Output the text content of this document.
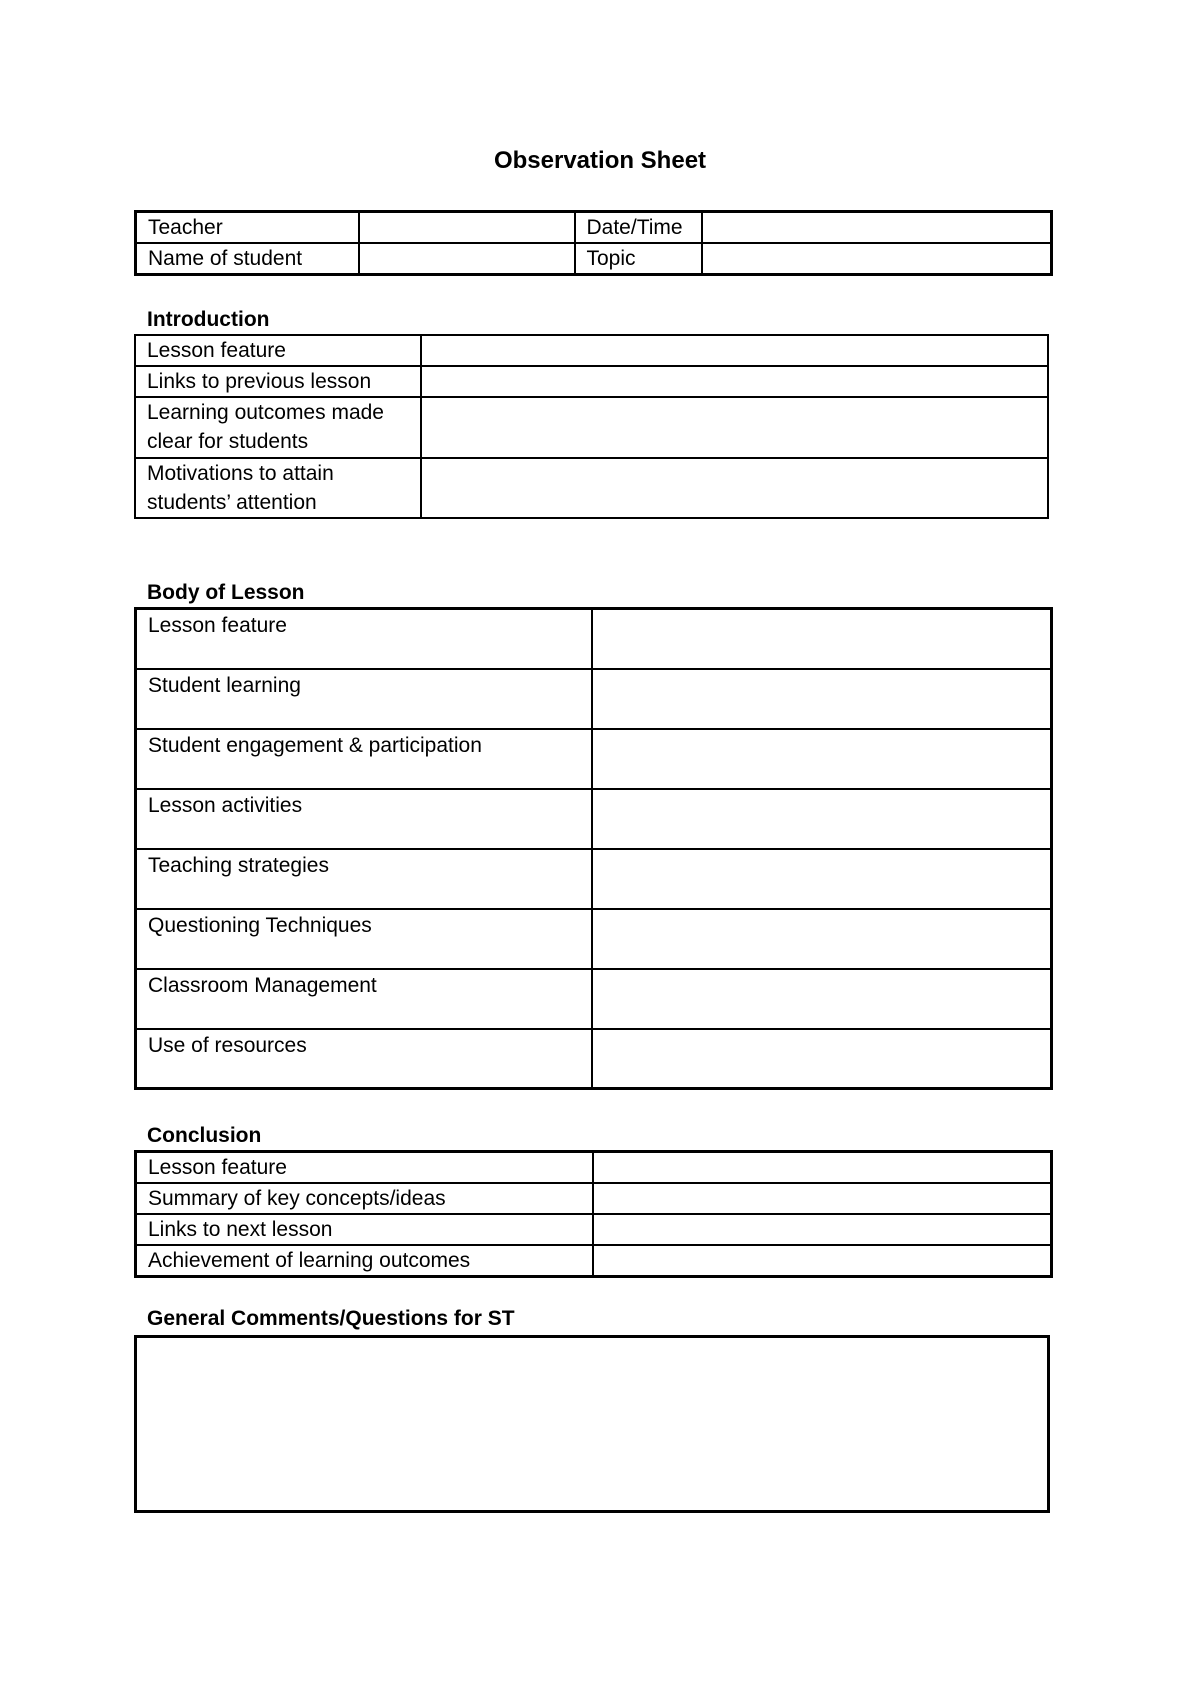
Observation Sheet
Teacher		Date/Time	
Name of student		Topic	
Introduction
Lesson feature	
Links to previous lesson	
Learning outcomes made clear for students	
Motivations to attain students’ attention	
Body of Lesson
Lesson feature	
Student learning	
Student engagement & participation	
Lesson activities	
Teaching strategies	
Questioning Techniques	
Classroom Management	
Use of resources	
Conclusion
Lesson feature	
Summary of key concepts/ideas	
Links to next lesson	
Achievement of learning outcomes	
General Comments/Questions for ST
